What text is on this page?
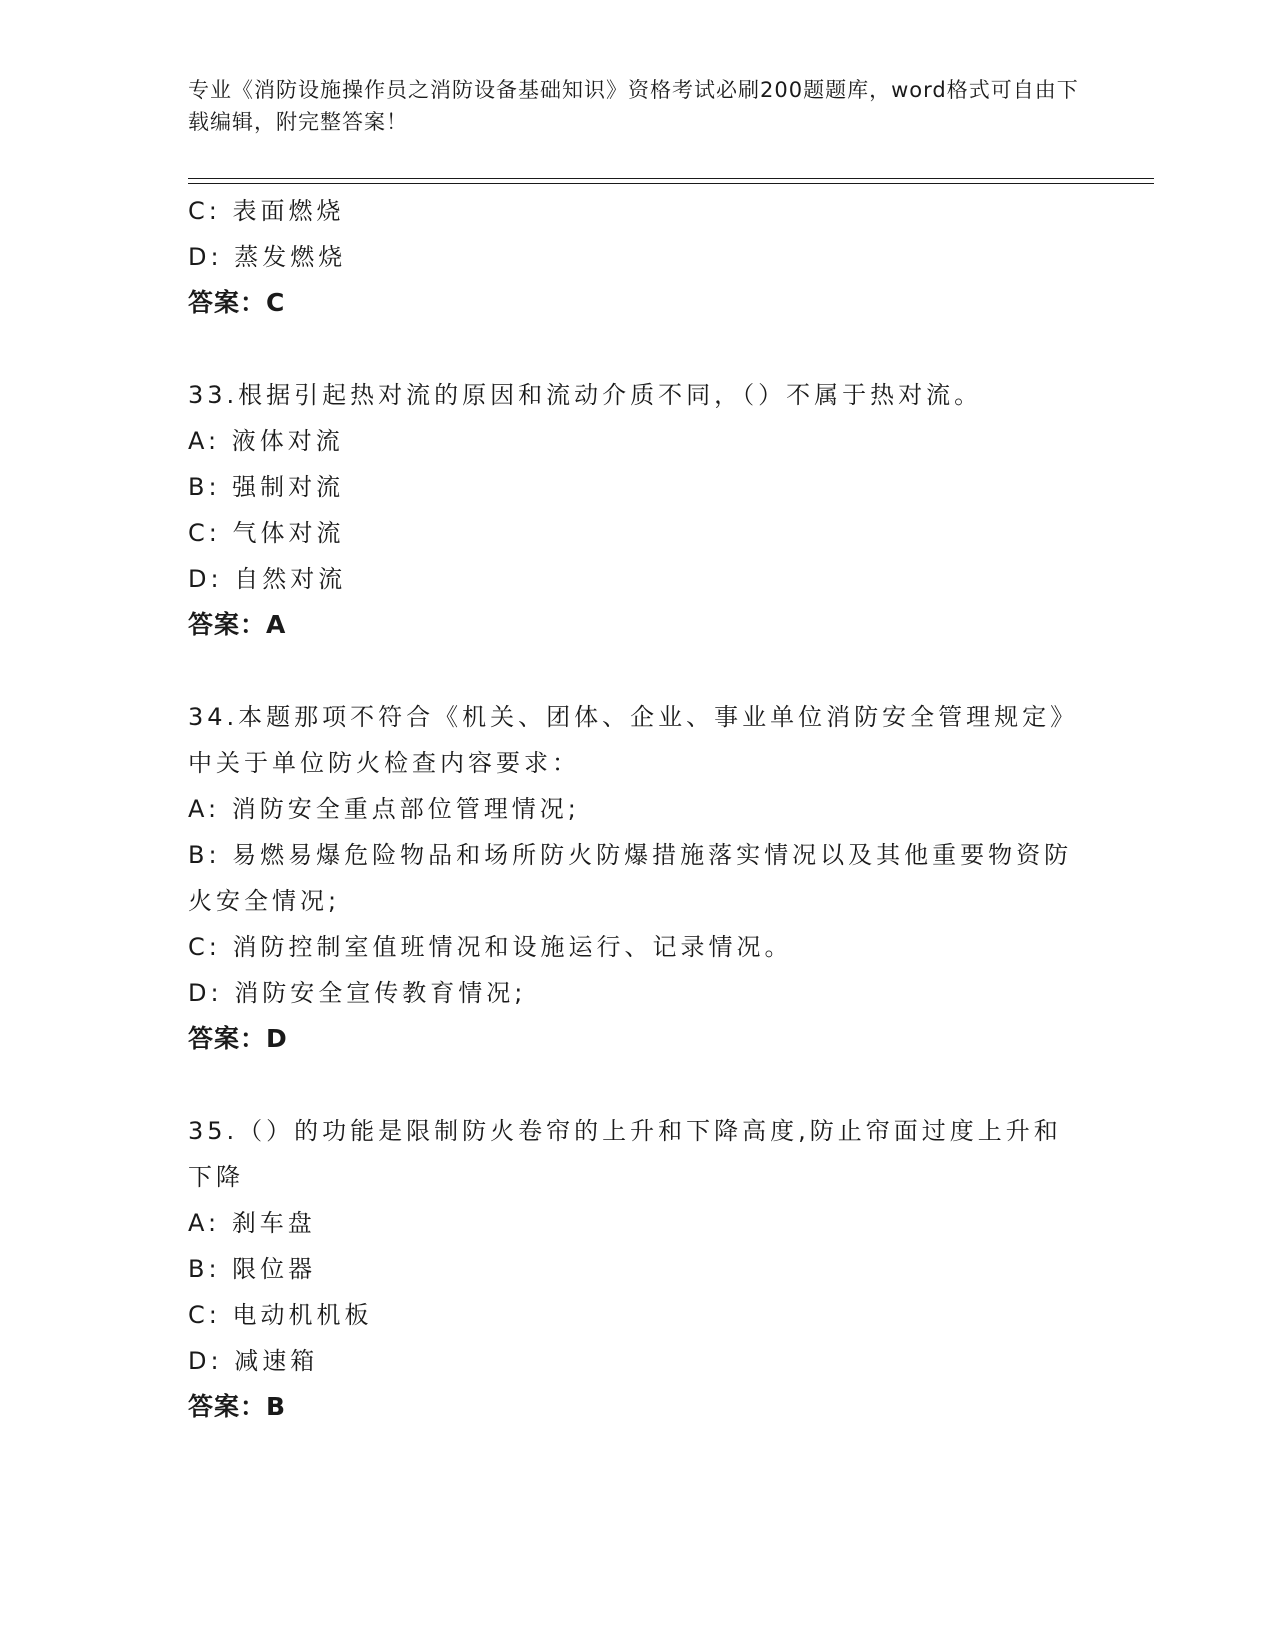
专业《消防设施操作员之消防设备基础知识》资格考试必刷200题题库，word格式可自由下载编辑，附完整答案！
C: 表面燃烧
D: 蒸发燃烧
答案：C
33.根据引起热对流的原因和流动介质不同，（）不属于热对流。
A: 液体对流
B: 强制对流
C: 气体对流
D: 自然对流
答案：A
34.本题那项不符合《机关、团体、企业、事业单位消防安全管理规定》中关于单位防火检查内容要求：
A: 消防安全重点部位管理情况;
B: 易燃易爆危险物品和场所防火防爆措施落实情况以及其他重要物资防火安全情况;
C: 消防控制室值班情况和设施运行、记录情况。
D: 消防安全宣传教育情况;
答案：D
35.（）的功能是限制防火卷帘的上升和下降高度,防止帘面过度上升和下降
A: 刹车盘
B: 限位器
C: 电动机机板
D: 减速箱
答案：B
